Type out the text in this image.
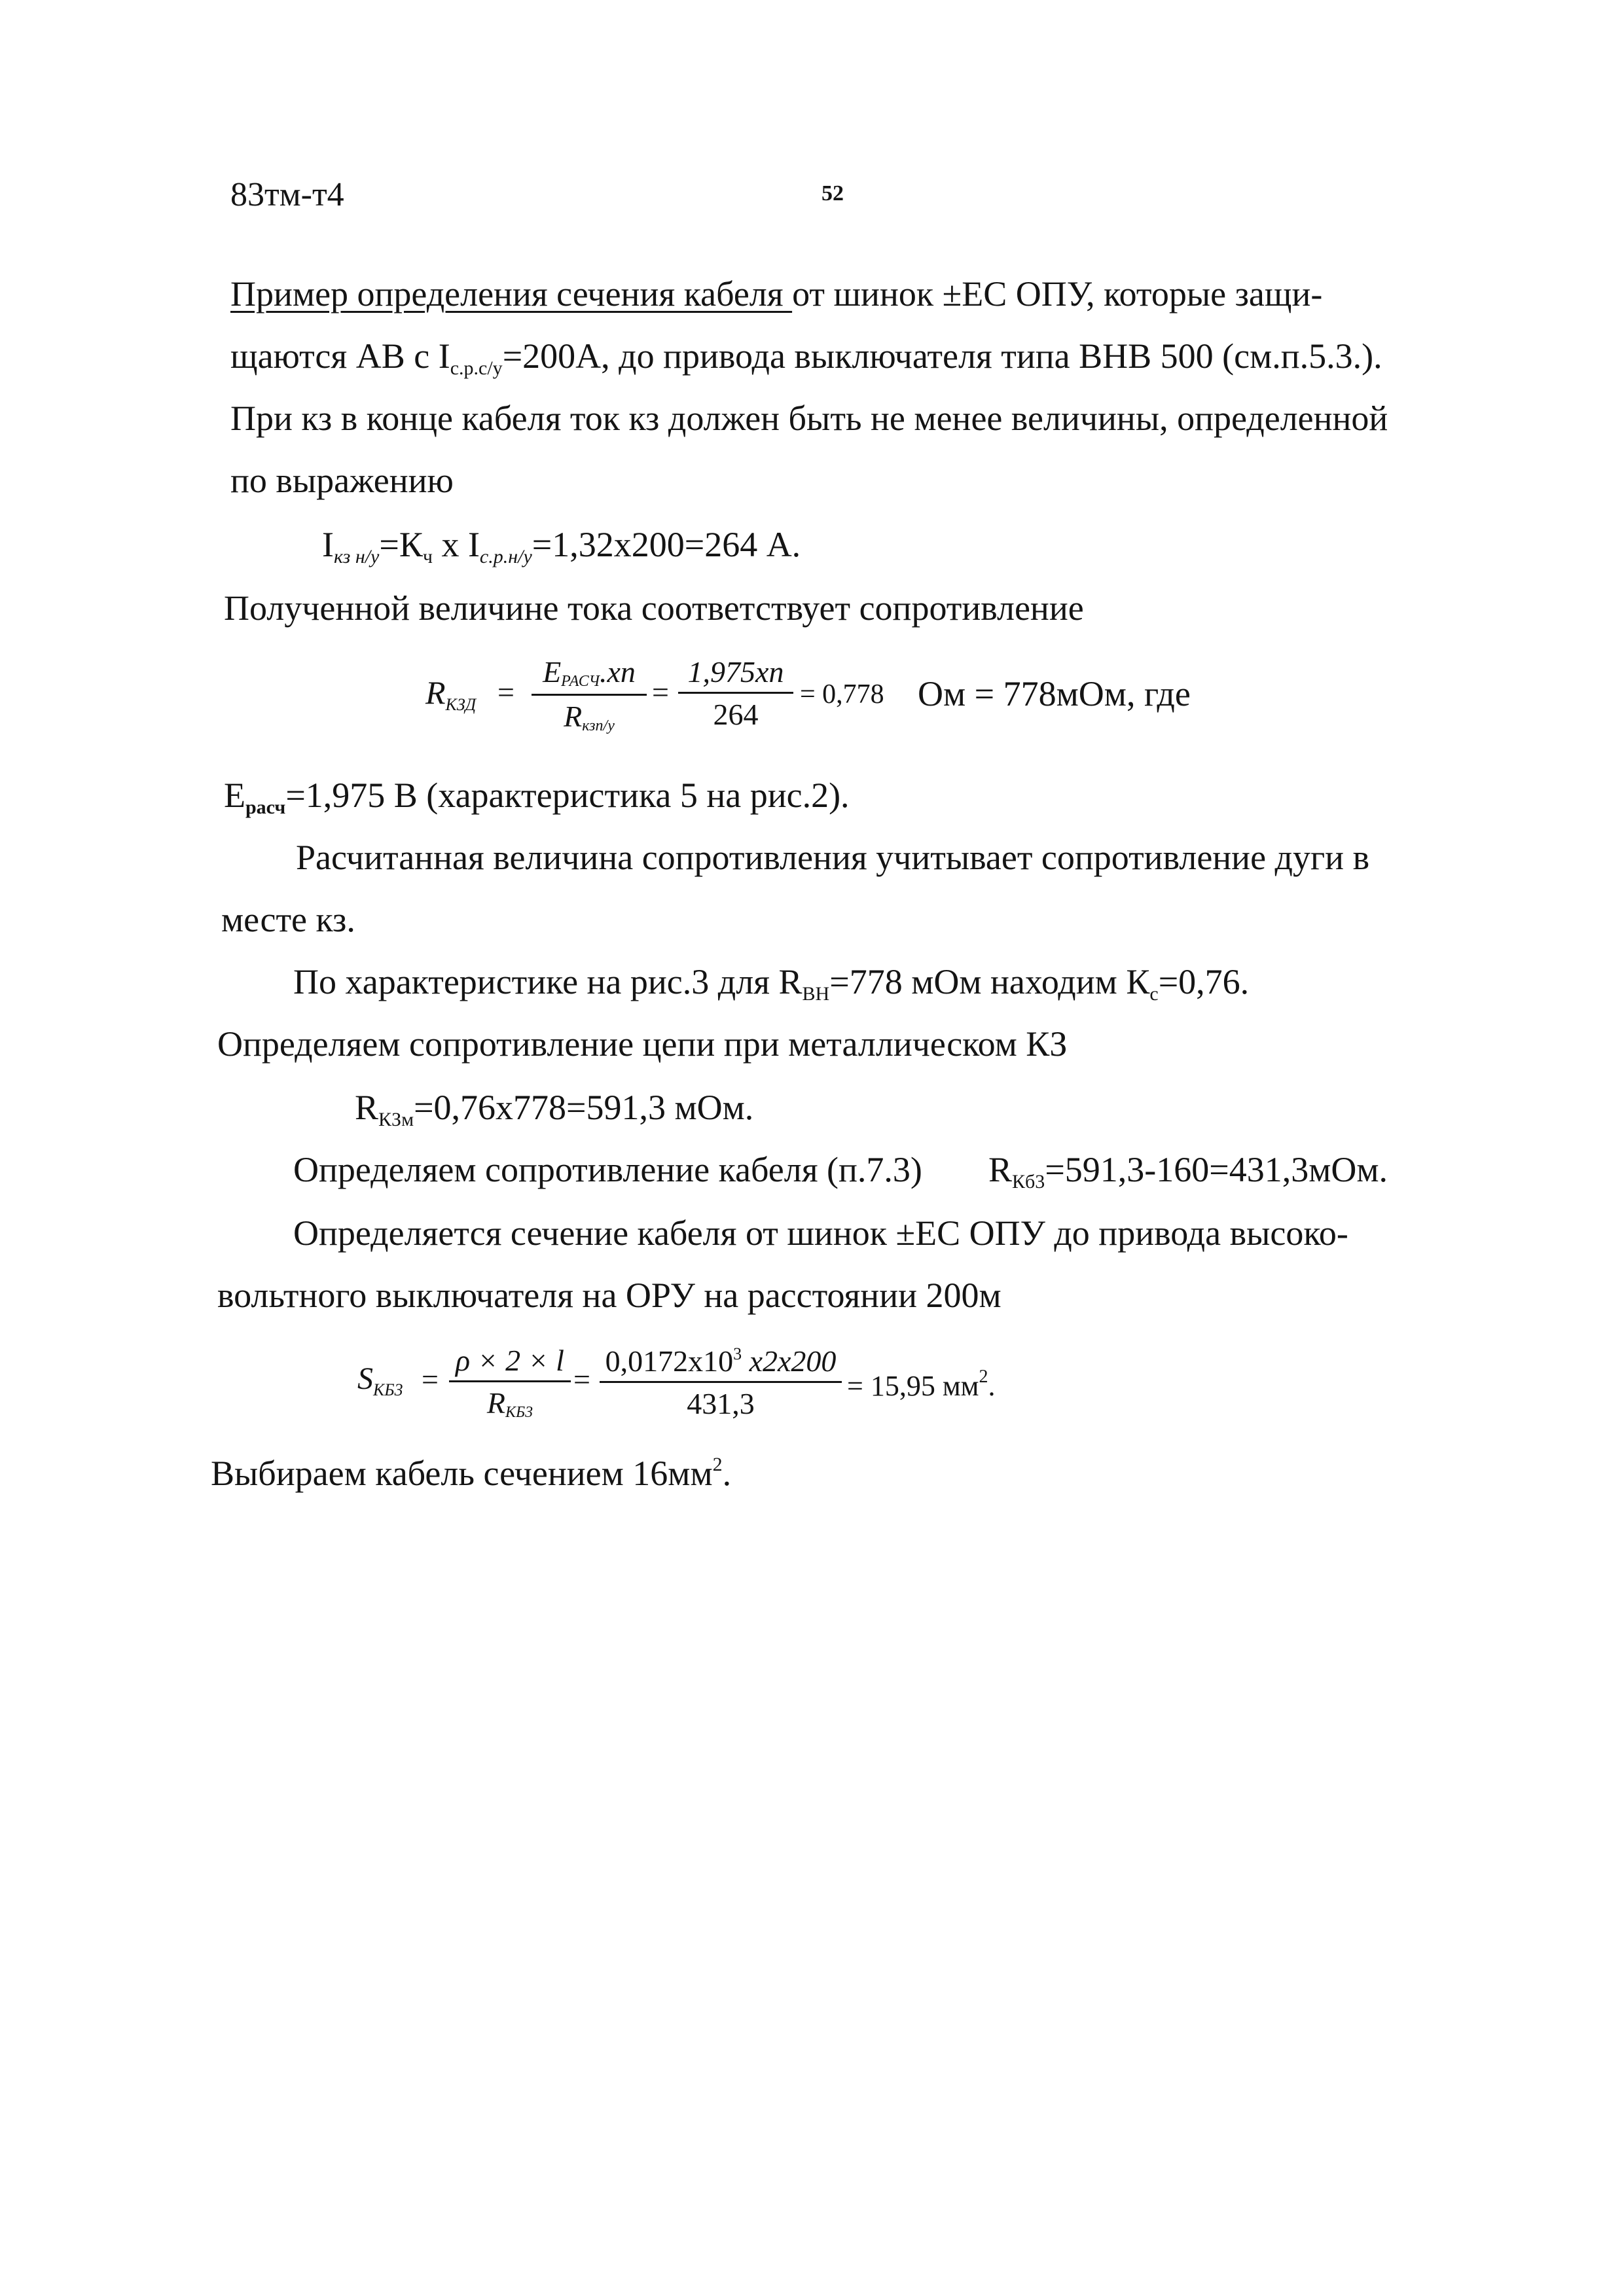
83тм-т4	52
Пример определения сечения кабеля от шинок ±ЕС ОПУ, которые защи-
щаются АВ с $I_{с.р.с/у}=200А$, до привода выключателя типа ВНВ 500 (см.п.5.3.).
При кз в конце кабеля ток кз должен быть не менее величины, определенной
по выражению
Iкз $н/у=К_ч$ х Iс.р.н/у=1,32х200=264 А.
Полученной величине тока соответствует сопротивление
$R_{КЗД}$ =
EРАСЧ.хп
Rкзп/у
=
1,975хп
264
= 0,778 Ом = 778мОм, где
$Е_{расч}=1,975$ В (характеристика 5 на рис.2).
Расчитанная величина сопротивления учитывает сопротивление дуги в
месте кз.
По характеристике на рис.3 для $R_{ВН}=778$ мОм находим $К_с=0,76$.
Определяем сопротивление цепи при металлическом КЗ
$R_{КЗм}=0,76х778=591,3$ мОм.
Определяем сопротивление кабеля (п.7.3) $R_{Кб3}=591,3-160=431,3мОм$.
Определяется сечение кабеля от шинок ±ЕС ОПУ до привода высоко-
вольтного выключателя на ОРУ на расстоянии 200м
$S_{КБ3}$ =
ρ × 2 × l
RКБ3
=
$0,0172х10^3$ х2х200
431,3
= 15,95 $мм^2$.
Выбираем кабель сечением $16мм^2$.
